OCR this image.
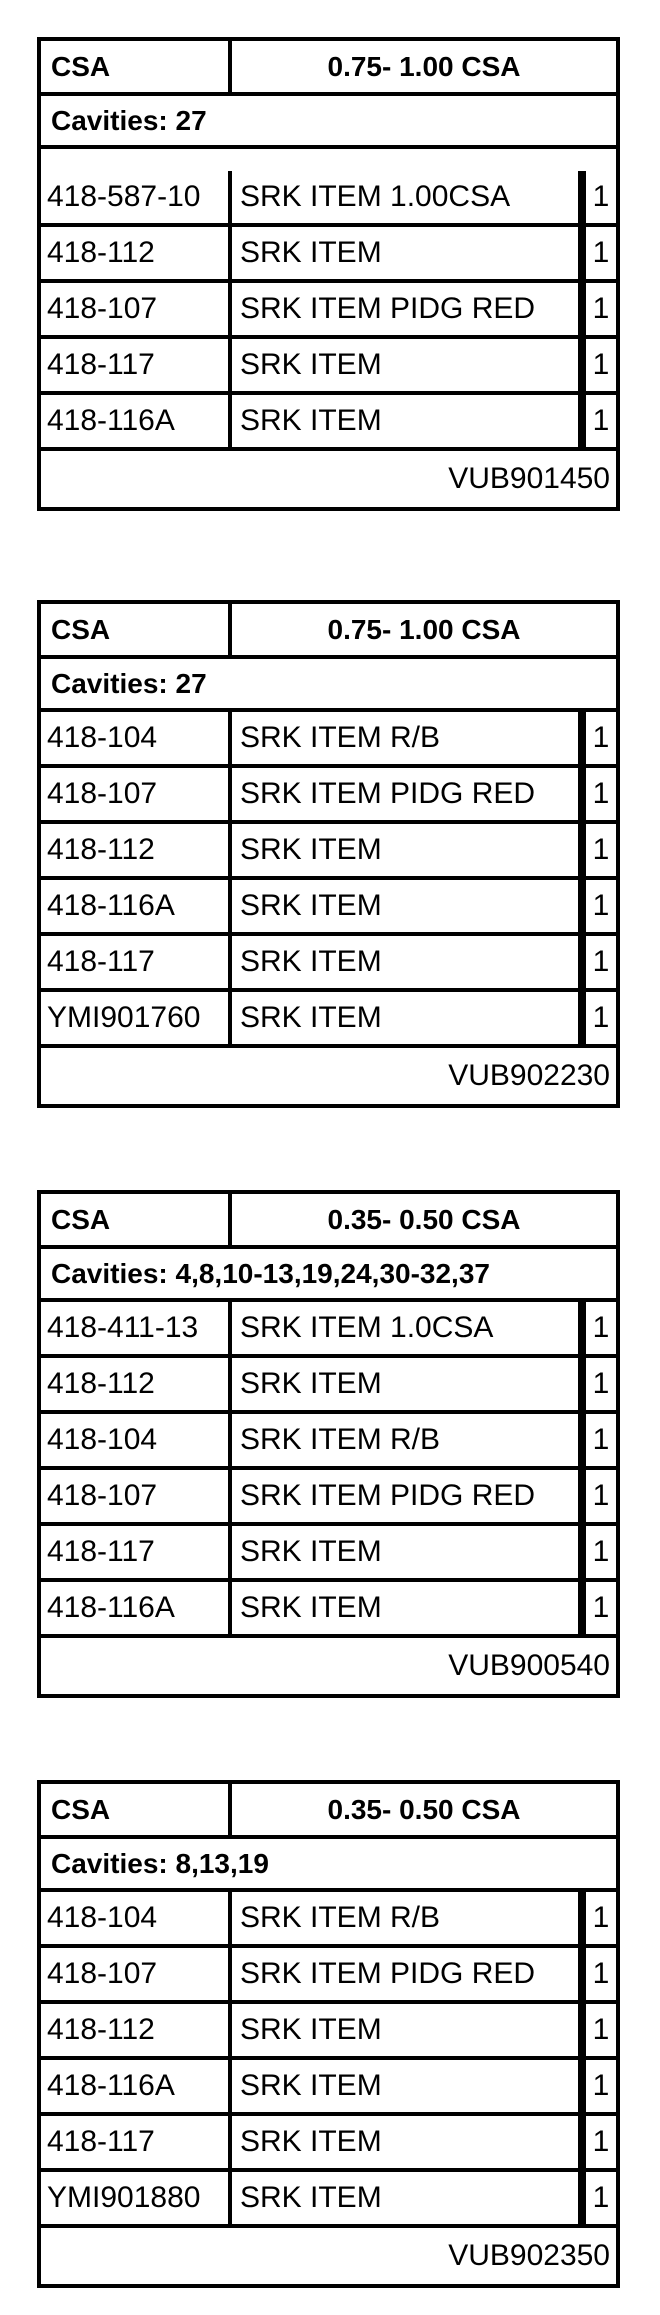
CSA	0.75- 1.00 CSA
Cavities: 27
418-587-10	SRK ITEM 1.00CSA	1
418-112	SRK ITEM	1
418-107	SRK ITEM PIDG RED	1
418-117	SRK ITEM	1
418-116A	SRK ITEM	1
VUB901450
CSA	0.75- 1.00 CSA
Cavities: 27
418-104	SRK ITEM R/B	1
418-107	SRK ITEM PIDG RED	1
418-112	SRK ITEM	1
418-116A	SRK ITEM	1
418-117	SRK ITEM	1
YMI901760	SRK ITEM	1
VUB902230
CSA	0.35- 0.50 CSA
Cavities: 4,8,10-13,19,24,30-32,37
418-411-13	SRK ITEM 1.0CSA	1
418-112	SRK ITEM	1
418-104	SRK ITEM R/B	1
418-107	SRK ITEM PIDG RED	1
418-117	SRK ITEM	1
418-116A	SRK ITEM	1
VUB900540
CSA	0.35- 0.50 CSA
Cavities: 8,13,19
418-104	SRK ITEM R/B	1
418-107	SRK ITEM PIDG RED	1
418-112	SRK ITEM	1
418-116A	SRK ITEM	1
418-117	SRK ITEM	1
YMI901880	SRK ITEM	1
VUB902350
